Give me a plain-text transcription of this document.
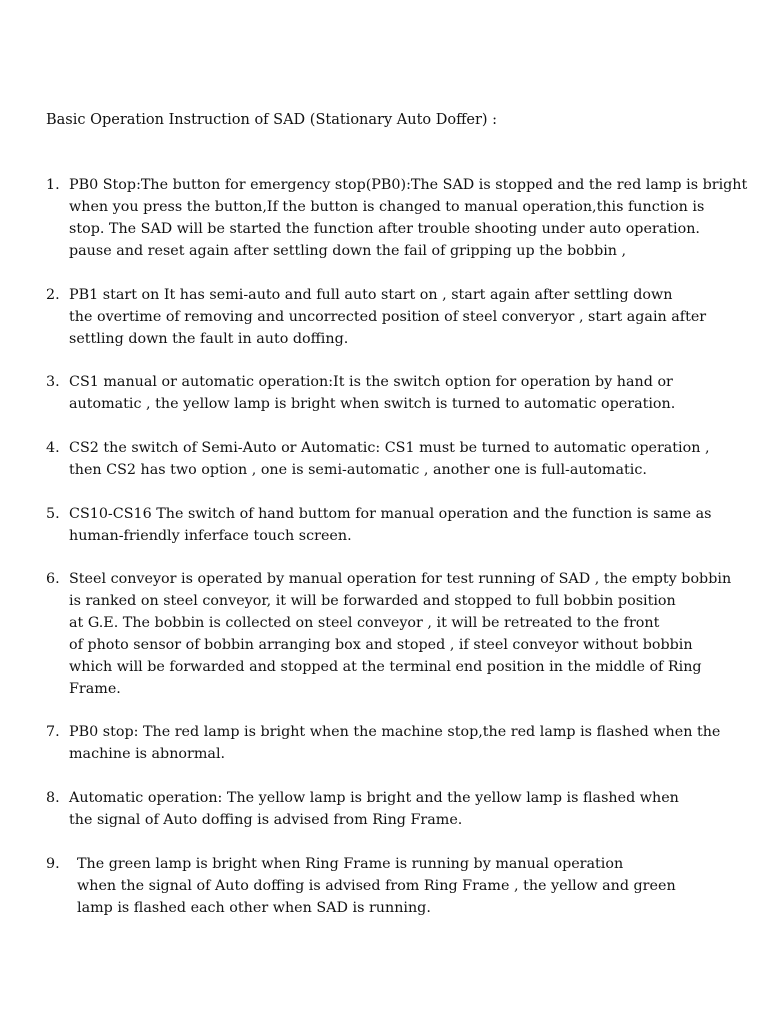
Basic Operation Instruction of SAD (Stationary Auto Doffer) :
1. PB0 Stop:The button for emergency stop(PB0):The SAD is stopped and the red lamp is bright
when you press the button,If the button is changed to manual operation,this function is
stop. The SAD will be started the function after trouble shooting under auto operation.
pause and reset again after settling down the fail of gripping up the bobbin ,
2. PB1 start on It has semi-auto and full auto start on , start again after settling down
the overtime of removing and uncorrected position of steel converyor , start again after
settling down the fault in auto doffing.
3. CS1 manual or automatic operation:It is the switch option for operation by hand or
automatic , the yellow lamp is bright when switch is turned to automatic operation.
4. CS2 the switch of Semi-Auto or Automatic: CS1 must be turned to automatic operation ,
then CS2 has two option , one is semi-automatic , another one is full-automatic.
5. CS10-CS16 The switch of hand buttom for manual operation and the function is same as
human-friendly inferface touch screen.
6. Steel conveyor is operated by manual operation for test running of SAD , the empty bobbin
is ranked on steel conveyor, it will be forwarded and stopped to full bobbin position
at G.E. The bobbin is collected on steel conveyor , it will be retreated to the front
of photo sensor of bobbin arranging box and stoped , if steel conveyor without bobbin
which will be forwarded and stopped at the terminal end position in the middle of Ring
Frame.
7. PB0 stop: The red lamp is bright when the machine stop,the red lamp is flashed when the
machine is abnormal.
8. Automatic operation: The yellow lamp is bright and the yellow lamp is flashed when
the signal of Auto doffing is advised from Ring Frame.
9.	The green lamp is bright when Ring Frame is running by manual operation
when the signal of Auto doffing is advised from Ring Frame , the yellow and green
lamp is flashed each other when SAD is running.
